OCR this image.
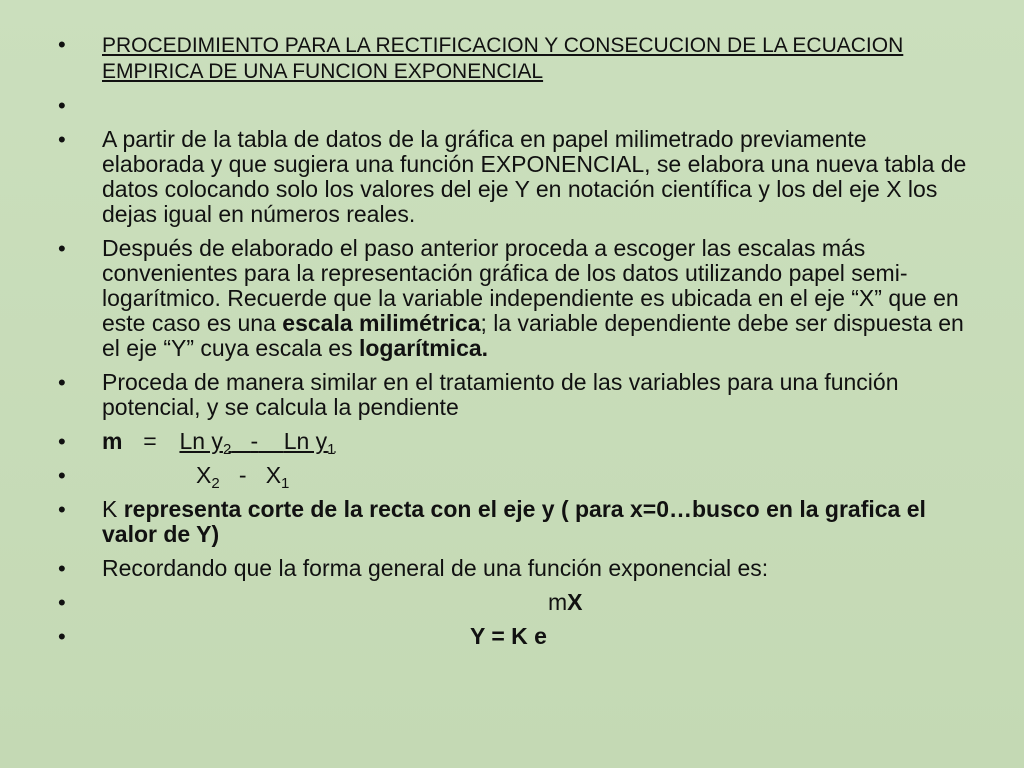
• PROCEDIMIENTO PARA LA RECTIFICACION Y CONSECUCION DE LA ECUACION EMPIRICA DE UNA FUNCION EXPONENCIAL
•
• A partir de la tabla de datos de la gráfica en papel milimetrado previamente elaborada y que sugiera una función EXPONENCIAL, se elabora una nueva tabla de datos colocando solo los valores del eje Y en notación científica y los del eje X los dejas igual en números reales.
• Después de elaborado el paso anterior proceda a escoger las escalas más convenientes para la representación gráfica de los datos utilizando papel semi-logarítmico. Recuerde que la variable independiente es ubicada en el eje “X” que en este caso es una escala milimétrica; la variable dependiente debe ser dispuesta en el eje “Y” cuya escala es logarítmica.
• Proceda de manera similar en el tratamiento de las variables para una función potencial, y se calcula la pendiente
• m = Ln $y_2$ - Ln $y_1$
• $X_2 - X_1$
• K representa corte de la recta con el eje y ( para x=0…busco en la grafica el valor de Y)
• Recordando que la forma general de una función exponencial es:
• mX
• Y = K e
